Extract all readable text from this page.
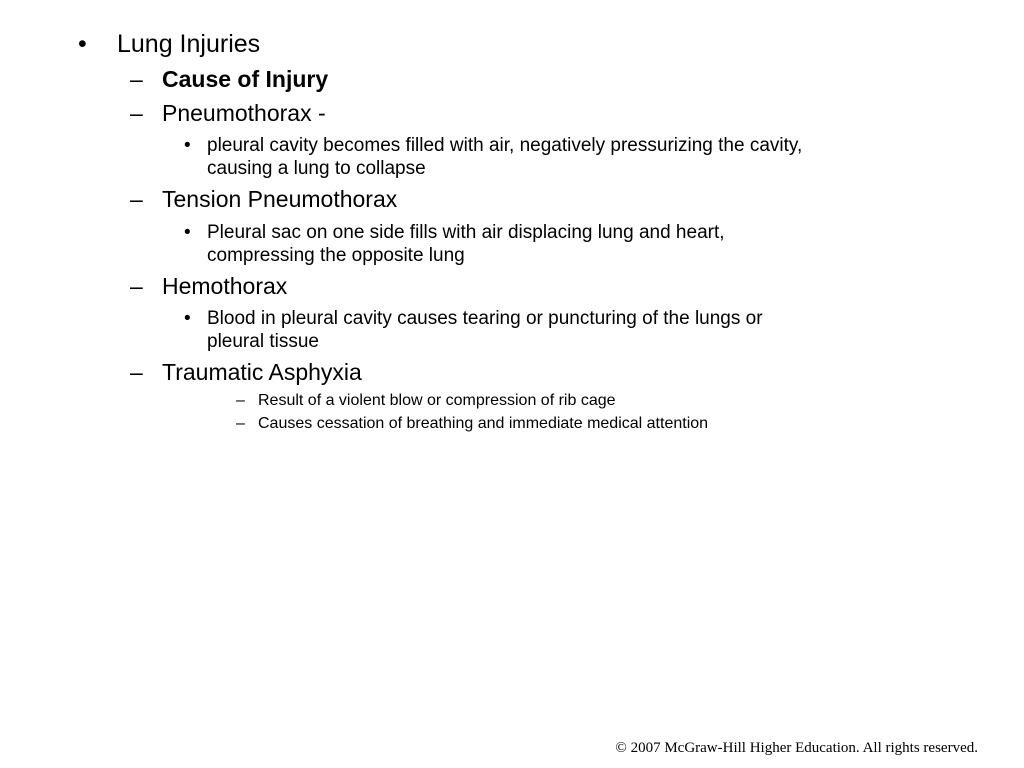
• Lung Injuries
– Cause of Injury
– Pneumothorax -
• pleural cavity becomes filled with air, negatively pressurizing the cavity,
causing a lung to collapse
– Tension Pneumothorax
• Pleural sac on one side fills with air displacing lung and heart,
compressing the opposite lung
– Hemothorax
• Blood in pleural cavity causes tearing or puncturing of the lungs or
pleural tissue
– Traumatic Asphyxia
– Result of a violent blow or compression of rib cage
– Causes cessation of breathing and immediate medical attention
© 2007 McGraw-Hill Higher Education. All rights reserved.
